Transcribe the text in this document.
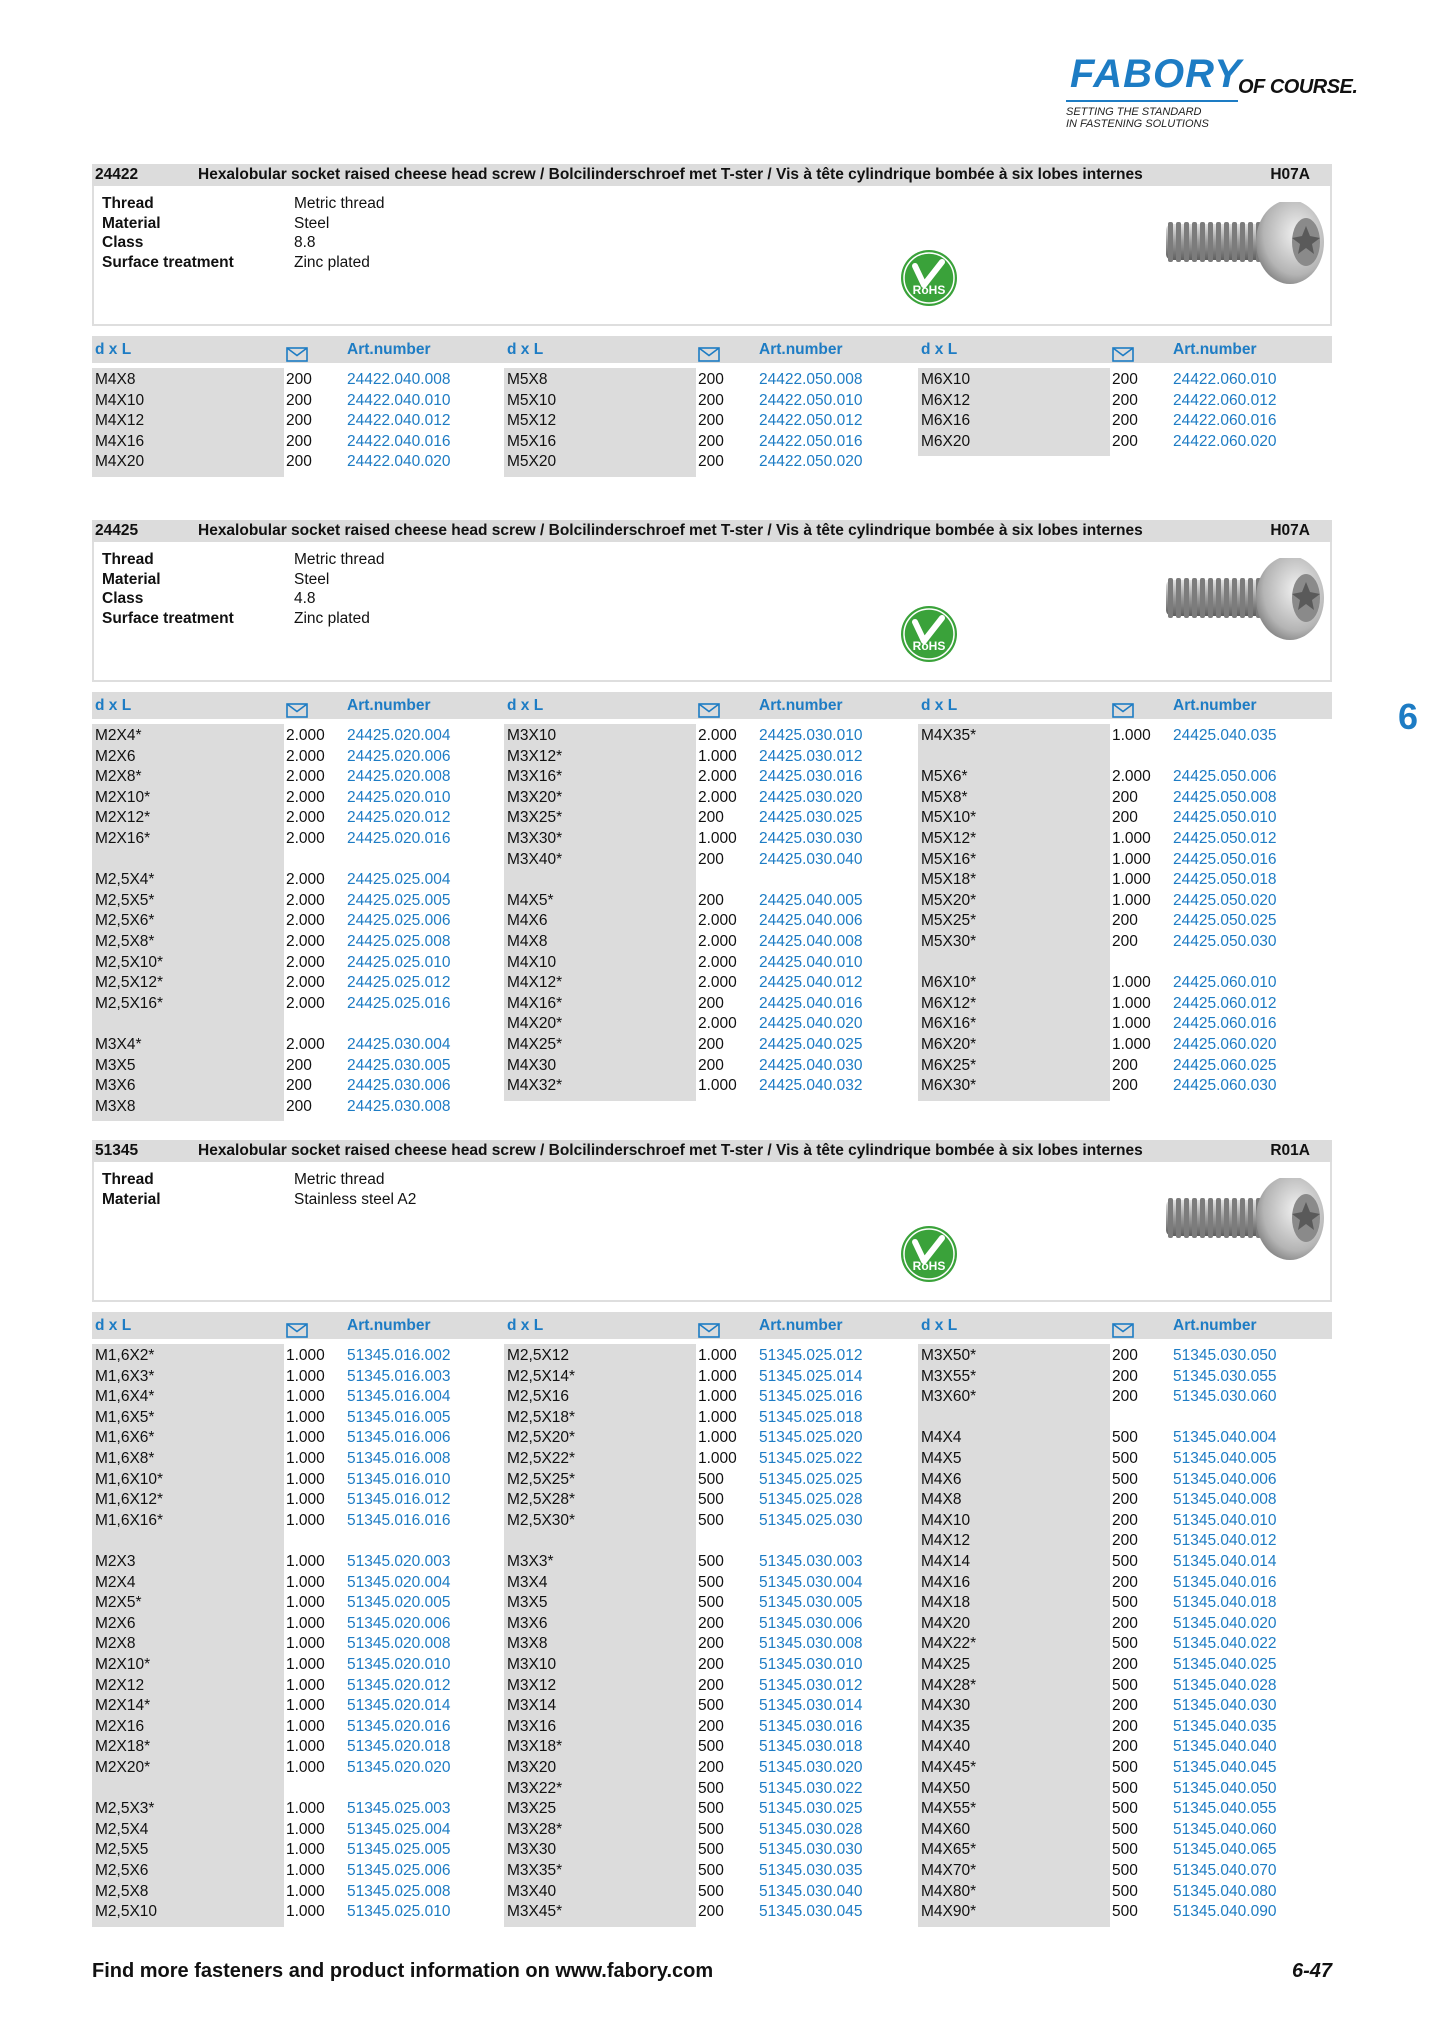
FABORY
OF COURSE.
SETTING THE STANDARD
IN FASTENING SOLUTIONS
6
24422	Hexalobular socket raised cheese head screw / Bolcilinderschroef met T-ster / Vis à tête cylindrique bombée à six lobes internes	H07A
Thread	Metric thread
Material	Steel
Class	8.8
Surface treatment	Zinc plated
RoHS
d x L	Art.number	d x L	Art.number	d x L	Art.number
M4X8	200 24422.040.008
M4X10	200 24422.040.010
M4X12	200 24422.040.012
M4X16	200 24422.040.016
M4X20	200 24422.040.020
M5X8	200 24422.050.008
M5X10	200 24422.050.010
M5X12	200 24422.050.012
M5X16	200 24422.050.016
M5X20	200 24422.050.020
M6X10	200 24422.060.010
M6X12	200 24422.060.012
M6X16	200 24422.060.016
M6X20	200 24422.060.020
24425	Hexalobular socket raised cheese head screw / Bolcilinderschroef met T-ster / Vis à tête cylindrique bombée à six lobes internes	H07A
Thread	Metric thread
Material	Steel
Class	4.8
Surface treatment	Zinc plated
RoHS
d x L	Art.number	d x L	Art.number	d x L	Art.number
M2X4*	2.000 24425.020.004
M2X6	2.000 24425.020.006
M2X8*	2.000 24425.020.008
M2X10*	2.000 24425.020.010
M2X12*	2.000 24425.020.012
M2X16*	2.000 24425.020.016
M2,5X4*	2.000 24425.025.004
M2,5X5*	2.000 24425.025.005
M2,5X6*	2.000 24425.025.006
M2,5X8*	2.000 24425.025.008
M2,5X10*	2.000 24425.025.010
M2,5X12*	2.000 24425.025.012
M2,5X16*	2.000 24425.025.016
M3X4*	2.000 24425.030.004
M3X5	200 24425.030.005
M3X6	200 24425.030.006
M3X8	200 24425.030.008
M3X10	2.000 24425.030.010
M3X12*	1.000 24425.030.012
M3X16*	2.000 24425.030.016
M3X20*	2.000 24425.030.020
M3X25*	200 24425.030.025
M3X30*	1.000 24425.030.030
M3X40*	200 24425.030.040
M4X5*	200 24425.040.005
M4X6	2.000 24425.040.006
M4X8	2.000 24425.040.008
M4X10	2.000 24425.040.010
M4X12*	2.000 24425.040.012
M4X16*	200 24425.040.016
M4X20*	2.000 24425.040.020
M4X25*	200 24425.040.025
M4X30	200 24425.040.030
M4X32*	1.000 24425.040.032
M4X35*	1.000 24425.040.035
M5X6*	2.000 24425.050.006
M5X8*	200 24425.050.008
M5X10*	200 24425.050.010
M5X12*	1.000 24425.050.012
M5X16*	1.000 24425.050.016
M5X18*	1.000 24425.050.018
M5X20*	1.000 24425.050.020
M5X25*	200 24425.050.025
M5X30*	200 24425.050.030
M6X10*	1.000 24425.060.010
M6X12*	1.000 24425.060.012
M6X16*	1.000 24425.060.016
M6X20*	1.000 24425.060.020
M6X25*	200 24425.060.025
M6X30*	200 24425.060.030
51345	Hexalobular socket raised cheese head screw / Bolcilinderschroef met T-ster / Vis à tête cylindrique bombée à six lobes internes	R01A
Thread	Metric thread
Material	Stainless steel A2
RoHS
d x L	Art.number	d x L	Art.number	d x L	Art.number
M1,6X2*	1.000 51345.016.002
M1,6X3*	1.000 51345.016.003
M1,6X4*	1.000 51345.016.004
M1,6X5*	1.000 51345.016.005
M1,6X6*	1.000 51345.016.006
M1,6X8*	1.000 51345.016.008
M1,6X10*	1.000 51345.016.010
M1,6X12*	1.000 51345.016.012
M1,6X16*	1.000 51345.016.016
M2X3	1.000 51345.020.003
M2X4	1.000 51345.020.004
M2X5*	1.000 51345.020.005
M2X6	1.000 51345.020.006
M2X8	1.000 51345.020.008
M2X10*	1.000 51345.020.010
M2X12	1.000 51345.020.012
M2X14*	1.000 51345.020.014
M2X16	1.000 51345.020.016
M2X18*	1.000 51345.020.018
M2X20*	1.000 51345.020.020
M2,5X3*	1.000 51345.025.003
M2,5X4	1.000 51345.025.004
M2,5X5	1.000 51345.025.005
M2,5X6	1.000 51345.025.006
M2,5X8	1.000 51345.025.008
M2,5X10	1.000 51345.025.010
M2,5X12	1.000 51345.025.012
M2,5X14*	1.000 51345.025.014
M2,5X16	1.000 51345.025.016
M2,5X18*	1.000 51345.025.018
M2,5X20*	1.000 51345.025.020
M2,5X22*	1.000 51345.025.022
M2,5X25*	500 51345.025.025
M2,5X28*	500 51345.025.028
M2,5X30*	500 51345.025.030
M3X3*	500 51345.030.003
M3X4	500 51345.030.004
M3X5	500 51345.030.005
M3X6	200 51345.030.006
M3X8	200 51345.030.008
M3X10	200 51345.030.010
M3X12	200 51345.030.012
M3X14	500 51345.030.014
M3X16	200 51345.030.016
M3X18*	500 51345.030.018
M3X20	200 51345.030.020
M3X22*	500 51345.030.022
M3X25	500 51345.030.025
M3X28*	500 51345.030.028
M3X30	500 51345.030.030
M3X35*	500 51345.030.035
M3X40	500 51345.030.040
M3X45*	200 51345.030.045
M3X50*	200 51345.030.050
M3X55*	200 51345.030.055
M3X60*	200 51345.030.060
M4X4	500 51345.040.004
M4X5	500 51345.040.005
M4X6	500 51345.040.006
M4X8	200 51345.040.008
M4X10	200 51345.040.010
M4X12	200 51345.040.012
M4X14	500 51345.040.014
M4X16	200 51345.040.016
M4X18	500 51345.040.018
M4X20	200 51345.040.020
M4X22*	500 51345.040.022
M4X25	200 51345.040.025
M4X28*	500 51345.040.028
M4X30	200 51345.040.030
M4X35	200 51345.040.035
M4X40	200 51345.040.040
M4X45*	500 51345.040.045
M4X50	500 51345.040.050
M4X55*	500 51345.040.055
M4X60	500 51345.040.060
M4X65*	500 51345.040.065
M4X70*	500 51345.040.070
M4X80*	500 51345.040.080
M4X90*	500 51345.040.090
Find more fasteners and product information on www.fabory.com	6-47
